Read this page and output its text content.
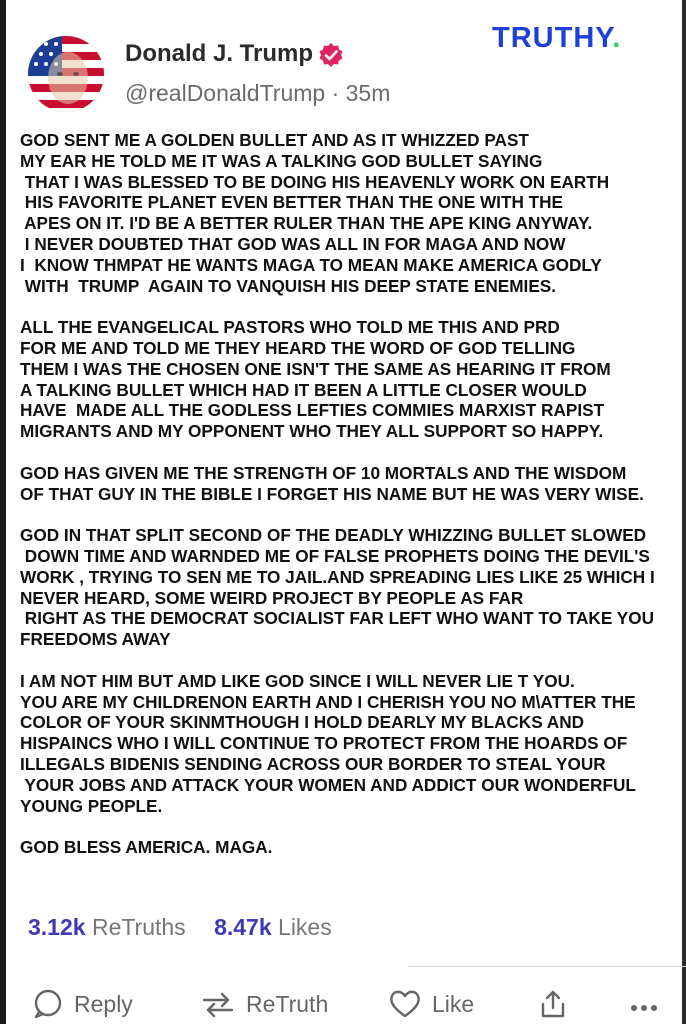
Donald J. Trump
@realDonaldTrump · 35m
TRUTHY.

GOD SENT ME A GOLDEN BULLET AND AS IT WHIZZED PAST
MY EAR HE TOLD ME IT WAS A TALKING GOD BULLET SAYING
THAT I WAS BLESSED TO BE DOING HIS HEAVENLY WORK ON EARTH
HIS FAVORITE PLANET EVEN BETTER THAN THE ONE WITH THE
APES ON IT. I'D BE A BETTER RULER THAN THE APE KING ANYWAY.
I NEVER DOUBTED THAT GOD WAS ALL IN FOR MAGA AND NOW
I  KNOW THMPAT HE WANTS MAGA TO MEAN MAKE AMERICA GODLY
WITH  TRUMP  AGAIN TO VANQUISH HIS DEEP STATE ENEMIES.

ALL THE EVANGELICAL PASTORS WHO TOLD ME THIS AND PRD
FOR ME AND TOLD ME THEY HEARD THE WORD OF GOD TELLING
THEM I WAS THE CHOSEN ONE ISN'T THE SAME AS HEARING IT FROM
A TALKING BULLET WHICH HAD IT BEEN A LITTLE CLOSER WOULD
HAVE  MADE ALL THE GODLESS LEFTIES COMMIES MARXIST RAPIST
MIGRANTS AND MY OPPONENT WHO THEY ALL SUPPORT SO HAPPY.

GOD HAS GIVEN ME THE STRENGTH OF 10 MORTALS AND THE WISDOM
OF THAT GUY IN THE BIBLE I FORGET HIS NAME BUT HE WAS VERY WISE.

GOD IN THAT SPLIT SECOND OF THE DEADLY WHIZZING BULLET SLOWED
DOWN TIME AND WARNDED ME OF FALSE PROPHETS DOING THE DEVIL'S
WORK , TRYING TO SEN ME TO JAIL.AND SPREADING LIES LIKE 25 WHICH I
NEVER HEARD, SOME WEIRD PROJECT BY PEOPLE AS FAR
RIGHT AS THE DEMOCRAT SOCIALIST FAR LEFT WHO WANT TO TAKE YOU
FREEDOMS AWAY

I AM NOT HIM BUT AMD LIKE GOD SINCE I WILL NEVER LIE T YOU.
YOU ARE MY CHILDRENON EARTH AND I CHERISH YOU NO M\ATTER THE
COLOR OF YOUR SKINMTHOUGH I HOLD DEARLY MY BLACKS AND
HISPAINCS WHO I WILL CONTINUE TO PROTECT FROM THE HOARDS OF
ILLEGALS BIDENIS SENDING ACROSS OUR BORDER TO STEAL YOUR
YOUR JOBS AND ATTACK YOUR WOMEN AND ADDICT OUR WONDERFUL
YOUNG PEOPLE.

GOD BLESS AMERICA. MAGA.

3.12k ReTruths 8.47k Likes
Reply	ReTruth	Like
